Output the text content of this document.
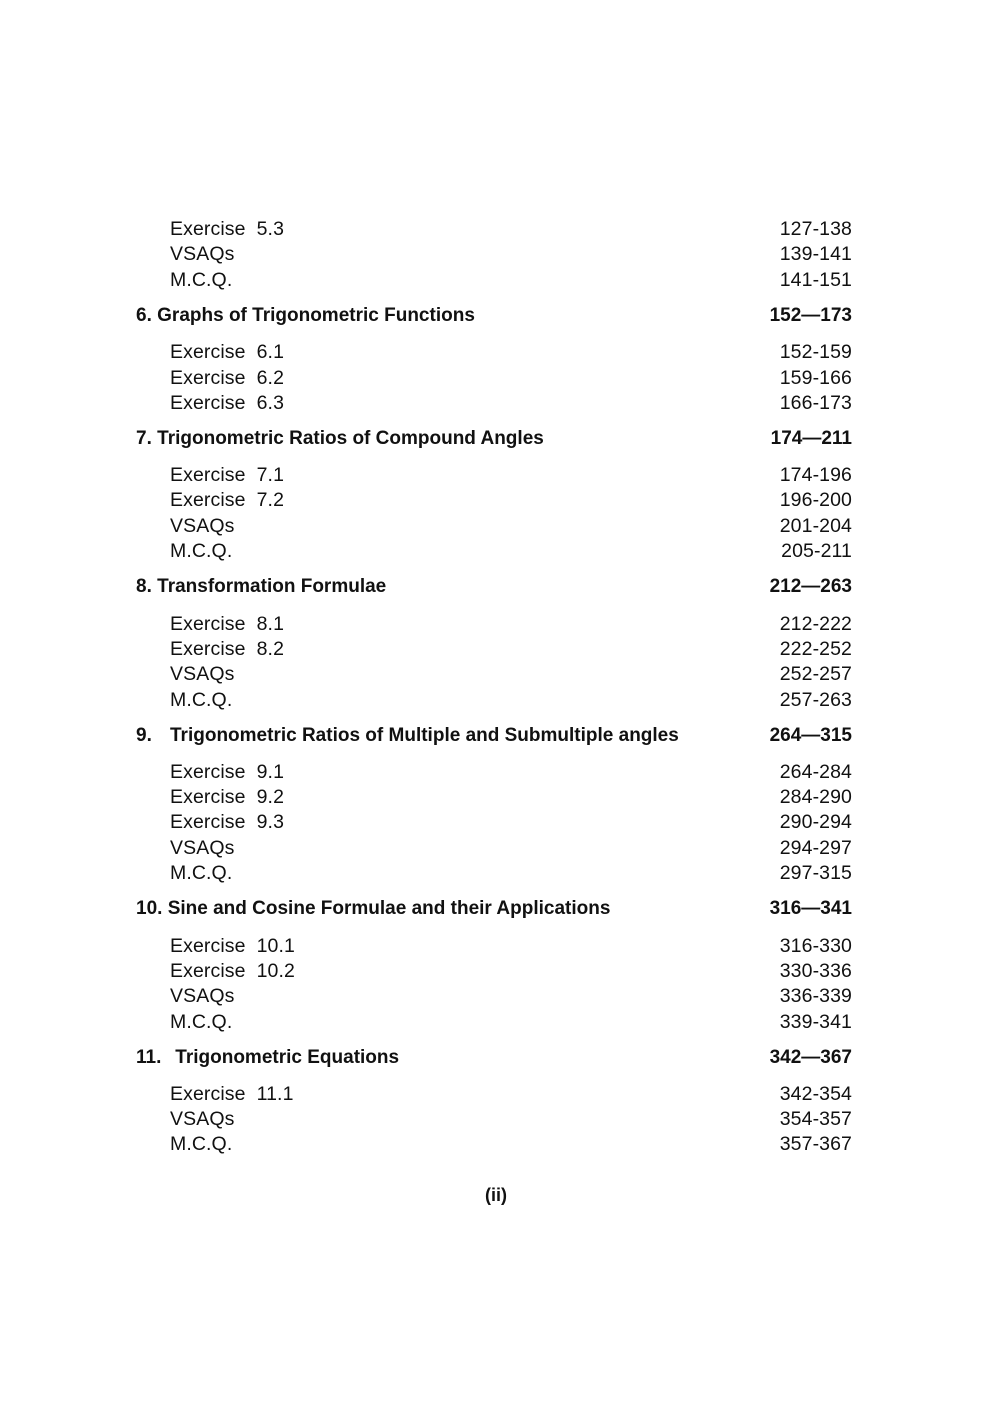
Exercise  5.3	127-138
VSAQs	139-141
M.C.Q.	141-151
6. Graphs of Trigonometric Functions	152—173
Exercise  6.1	152-159
Exercise  6.2	159-166
Exercise  6.3	166-173
7. Trigonometric Ratios of Compound Angles	174—211
Exercise  7.1	174-196
Exercise  7.2	196-200
VSAQs	201-204
M.C.Q.	205-211
8. Transformation Formulae	212—263
Exercise  8.1	212-222
Exercise  8.2	222-252
VSAQs	252-257
M.C.Q.	257-263
9. Trigonometric Ratios of Multiple and Submultiple angles	264—315
Exercise  9.1	264-284
Exercise  9.2	284-290
Exercise  9.3	290-294
VSAQs	294-297
M.C.Q.	297-315
10. Sine and Cosine Formulae and their Applications	316—341
Exercise  10.1	316-330
Exercise  10.2	330-336
VSAQs	336-339
M.C.Q.	339-341
11. Trigonometric Equations	342—367
Exercise  11.1	342-354
VSAQs	354-357
M.C.Q.	357-367
(ii)
